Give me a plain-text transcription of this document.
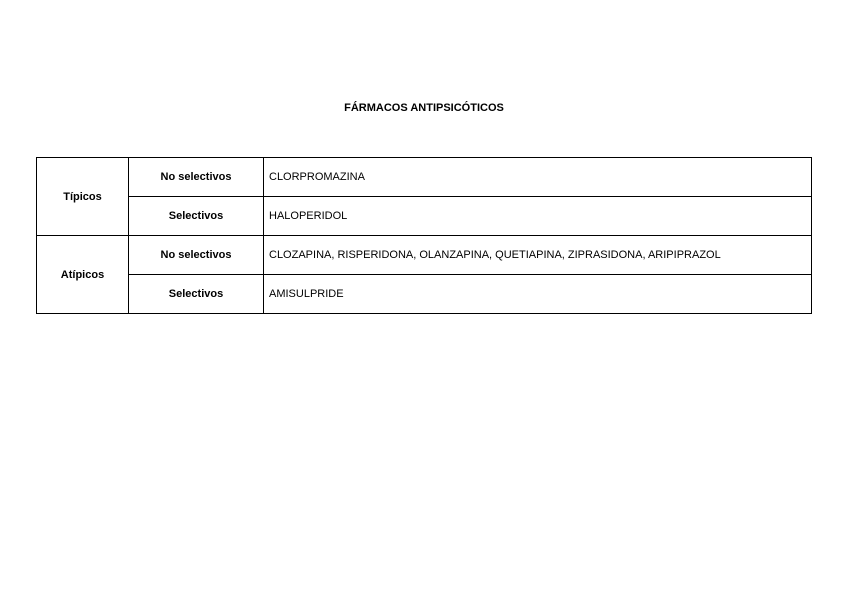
FÁRMACOS ANTIPSICÓTICOS
Típicos	No selectivos	CLORPROMAZINA
	Selectivos	HALOPERIDOL
Atípicos	No selectivos	CLOZAPINA, RISPERIDONA, OLANZAPINA, QUETIAPINA, ZIPRASIDONA, ARIPIPRAZOL
	Selectivos	AMISULPRIDE
